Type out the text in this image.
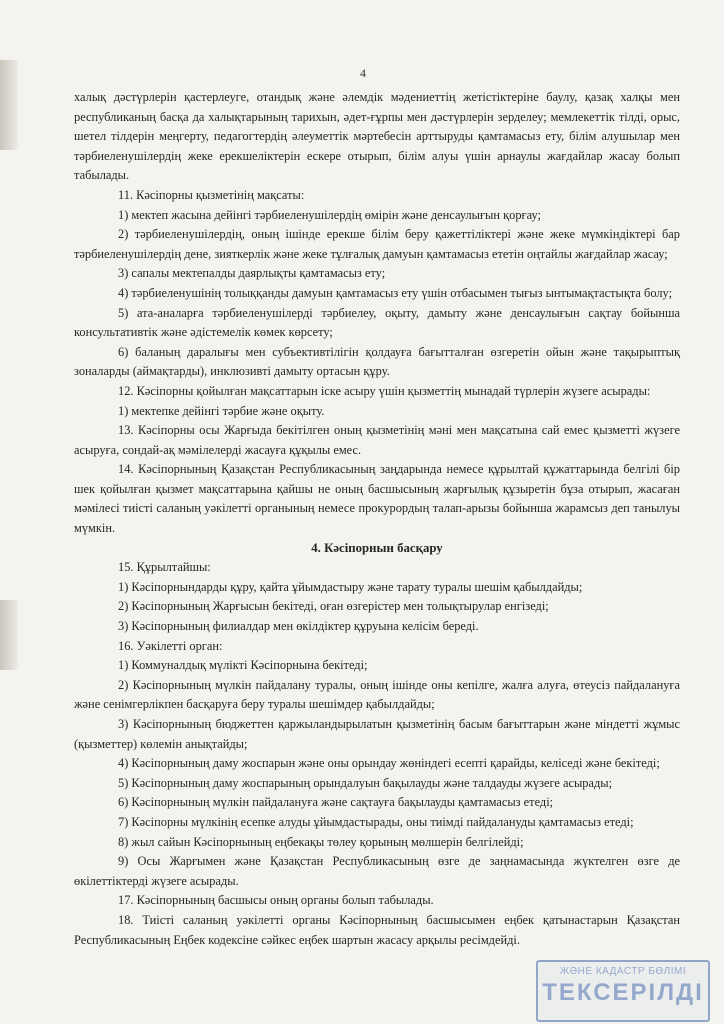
4

халық дәстүрлерін қастерлеуге, отандық және әлемдік мәдениеттің жетістіктеріне баулу, қазақ халқы мен республиканың басқа да халықтарының тарихын, әдет-ғұрпы мен дәстүрлерін зерделеу; мемлекеттік тілді, орыс, шетел тілдерін меңгерту, педагогтердің әлеуметтік мәртебесін арттыруды қамтамасыз ету, білім алушылар мен тәрбиеленушілердің жеке ерекшеліктерін ескере отырып, білім алуы үшін арнаулы жағдайлар жасау болып табылады.

11. Кәсіпорны қызметінің мақсаты:

1) мектеп жасына дейінгі тәрбиеленушілердің өмірін және денсаулығын қорғау;

2) тәрбиеленушілердің, оның ішінде ерекше білім беру қажеттіліктері және жеке мүмкіндіктері бар тәрбиеленушілердің дене, зияткерлік және жеке тұлғалық дамуын қамтамасыз ететін оңтайлы жағдайлар жасау;

3) сапалы мектепалды даярлықты қамтамасыз ету;

4) тәрбиеленушінің толыққанды дамуын қамтамасыз ету үшін отбасымен тығыз ынтымақтастықта болу;

5) ата-аналарға тәрбиеленушілерді тәрбиелеу, оқыту, дамыту және денсаулығын сақтау бойынша консультативтік және әдістемелік көмек көрсету;

6) баланың даралығы мен субъективтілігін қолдауға бағытталған өзгеретін ойын және тақырыптық зоналарды (аймақтарды), инклюзивті дамыту ортасын құру.

12. Кәсіпорны қойылған мақсаттарын іске асыру үшін қызметтің мынадай түрлерін жүзеге асырады:

1) мектепке дейінгі тәрбие және оқыту.

13. Кәсіпорны осы Жарғыда бекітілген оның қызметінің мәні мен мақсатына сай емес қызметті жүзеге асыруға, сондай-ақ мәмілелерді жасауға құқылы емес.

14. Кәсіпорнының Қазақстан Республикасының заңдарында немесе құрылтай құжаттарында белгілі бір шек қойылған қызмет мақсаттарына қайшы не оның басшысының жарғылық құзыретін бұза отырып, жасаған мәмілесі тиісті саланың уәкілетті органының немесе прокурордың талап-арызы бойынша жарамсыз деп танылуы мүмкін.

4. Кәсіпорнын басқару

15. Құрылтайшы:

1) Кәсіпорнындарды құру, қайта ұйымдастыру және тарату туралы шешім қабылдайды;

2) Кәсіпорнының Жарғысын бекітеді, оған өзгерістер мен толықтырулар енгізеді;

3) Кәсіпорнының филиалдар мен өкілдіктер құруына келісім береді.

16. Уәкілетті орган:

1) Коммуналдық мүлікті Кәсіпорнына бекітеді;

2) Кәсіпорнының мүлкін пайдалану туралы, оның ішінде оны кепілге, жалға алуға, өтеусіз пайдалануға және сенімгерлікпен басқаруға беру туралы шешімдер қабылдайды;

3) Кәсіпорнының бюджеттен қаржыландырылатын қызметінің басым бағыттарын және міндетті жұмыс (қызметтер) көлемін анықтайды;

4) Кәсіпорнының даму жоспарын және оны орындау жөніндегі есепті қарайды, келіседі және бекітеді;

5) Кәсіпорнының даму жоспарының орындалуын бақылауды және талдауды жүзеге асырады;

6) Кәсіпорнының мүлкін пайдалануға және сақтауға бақылауды қамтамасыз етеді;

7) Кәсіпорны мүлкінің есепке алуды ұйымдастырады, оны тиімді пайдалануды қамтамасыз етеді;

8) жыл сайын Кәсіпорнының еңбекақы төлеу қорының мөлшерін белгілейді;

9) Осы Жарғымен және Қазақстан Республикасының өзге де заңнамасында жүктелген өзге де өкілеттіктерді жүзеге асырады.

17. Кәсіпорнының басшысы оның органы болып табылады.

18. Тиісті саланың уәкілетті органы Кәсіпорнының басшысымен еңбек қатынастарын Қазақстан Республикасының Еңбек кодексіне сәйкес еңбек шартын жасасу арқылы ресімдейді.

ЖӘНЕ КАДАСТР БӨЛІМІ
ТЕКСЕРІЛДІ
